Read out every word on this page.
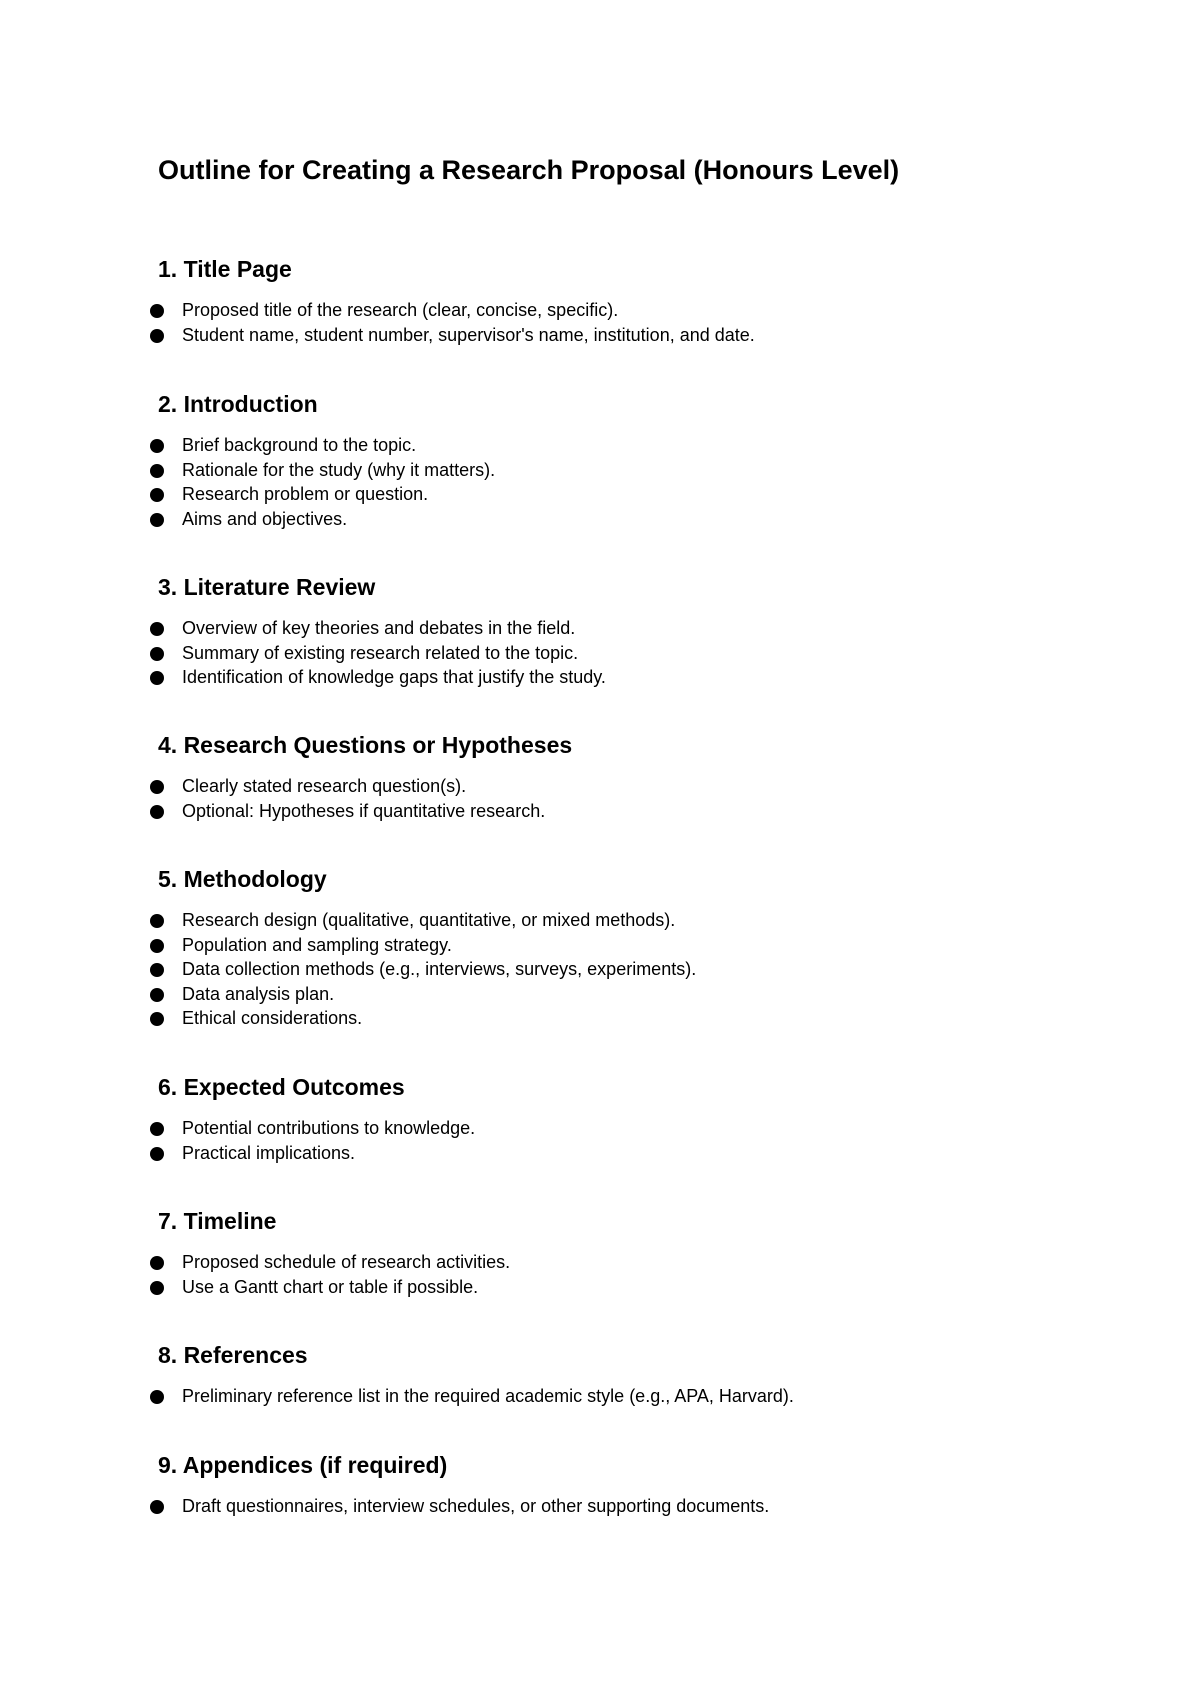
Outline for Creating a Research Proposal (Honours Level)
1. Title Page
Proposed title of the research (clear, concise, specific).
Student name, student number, supervisor's name, institution, and date.
2. Introduction
Brief background to the topic.
Rationale for the study (why it matters).
Research problem or question.
Aims and objectives.
3. Literature Review
Overview of key theories and debates in the field.
Summary of existing research related to the topic.
Identification of knowledge gaps that justify the study.
4. Research Questions or Hypotheses
Clearly stated research question(s).
Optional: Hypotheses if quantitative research.
5. Methodology
Research design (qualitative, quantitative, or mixed methods).
Population and sampling strategy.
Data collection methods (e.g., interviews, surveys, experiments).
Data analysis plan.
Ethical considerations.
6. Expected Outcomes
Potential contributions to knowledge.
Practical implications.
7. Timeline
Proposed schedule of research activities.
Use a Gantt chart or table if possible.
8. References
Preliminary reference list in the required academic style (e.g., APA, Harvard).
9. Appendices (if required)
Draft questionnaires, interview schedules, or other supporting documents.
